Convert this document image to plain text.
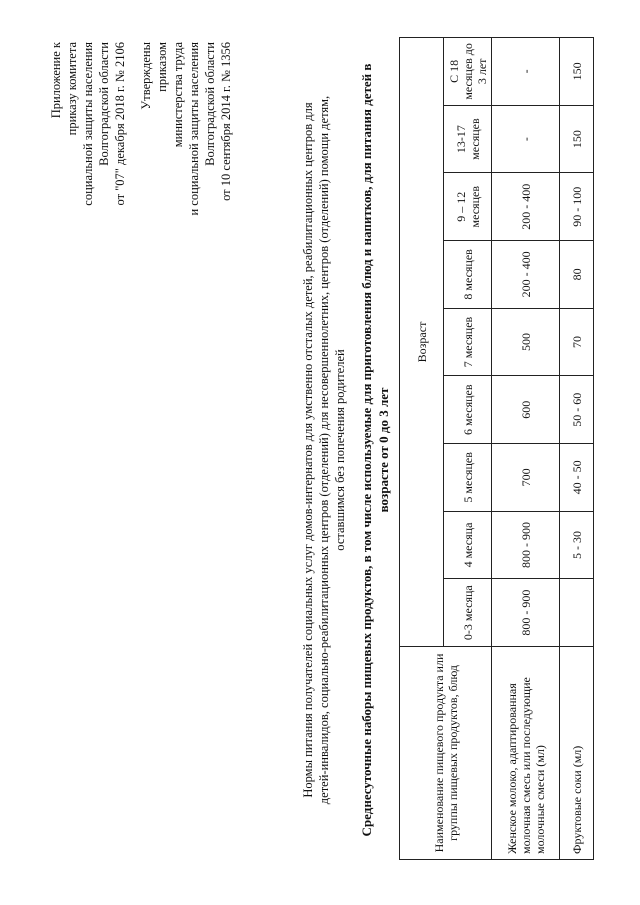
Приложение к приказу комитета социальной защиты населения Волгоградской области от "07" декабря 2018 г. № 2106 Утверждены приказом министерства труда и социальной защиты населения Волгоградской области от 10 сентября 2014 г. № 1356	Нормы питания получателей социальных услуг домов-интернатов для умственно отсталых детей, реабилитационных центров для детей-инвалидов, социально-реабилитационных центров (отделений) для несовершеннолетних, центров (отделений) помощи детям, оставшимся без попечения родителей Среднесуточные наборы пищевых продуктов, в том числе используемые для приготовления блюд и напитков, для питания детей в возрасте от 0 до 3 лет
Наименование пищевого продукта или группы пищевых продуктов, блюд	Возраст								
	0-3 месяца	4 месяца	5 месяцев	6 месяцев	7 месяцев	8 месяцев	9 – 12 месяцев	13-17 месяцев	С 18 месяцев до 3 лет
Женское молоко, адаптированная молочная смесь или последующие молочные смеси (мл)	800 - 900	800 - 900	700	600	500	200 - 400	200 - 400	-	-
Фруктовые соки (мл)		5 - 30	40 - 50	50 - 60	70	80	90 - 100	150	150
